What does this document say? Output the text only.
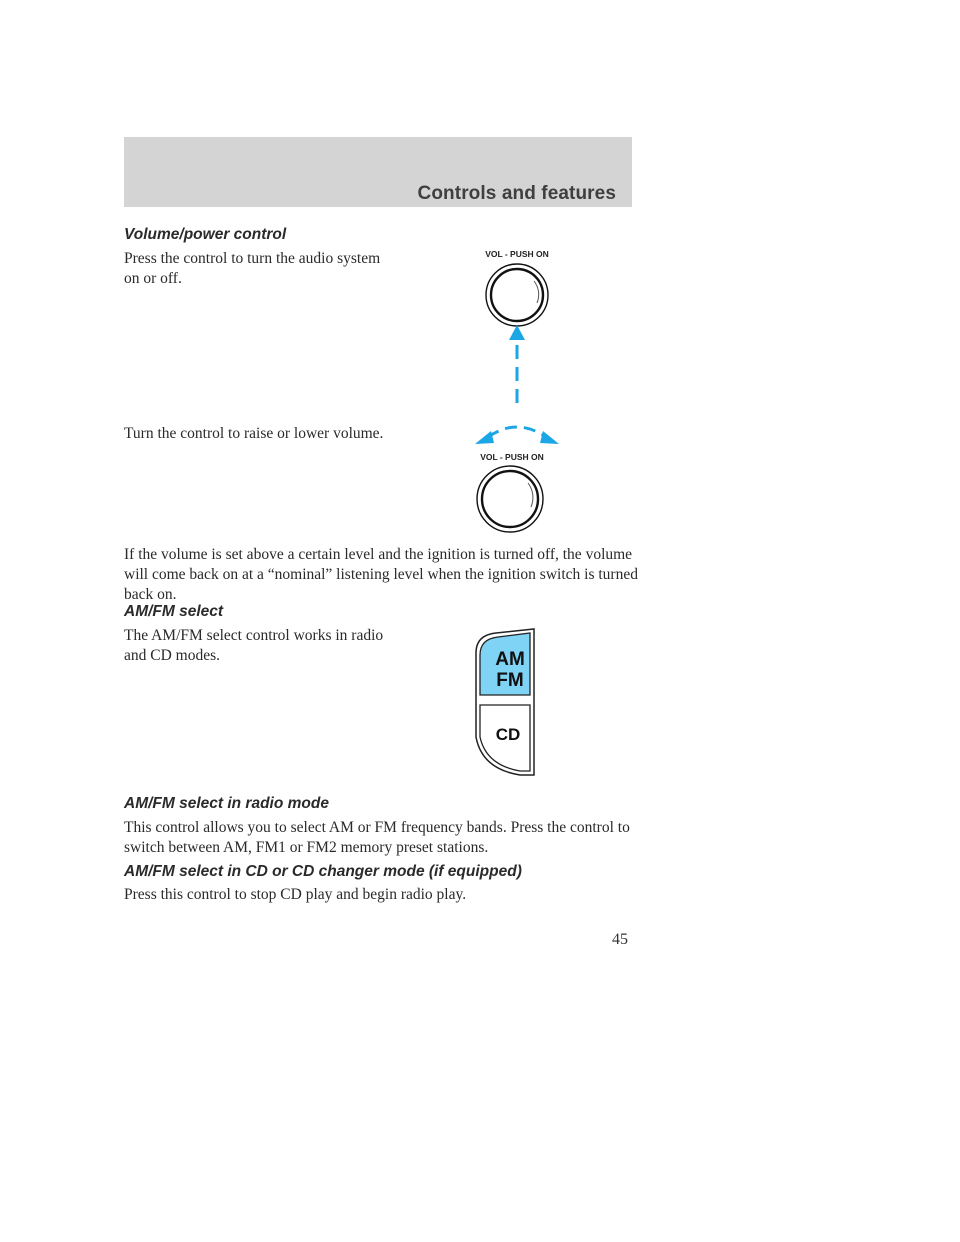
Controls and features
Volume/power control

Press the control to turn the audio system on or off.

Turn the control to raise or lower volume.

VOL - PUSH ON
VOL - PUSH ON

If the volume is set above a certain level and the ignition is turned off, the volume will come back on at a “nominal” listening level when the ignition switch is turned back on.

AM/FM select

The AM/FM select control works in radio and CD modes.	AM
FM
CD
AM/FM select in radio mode

This control allows you to select AM or FM frequency bands. Press the control to switch between AM, FM1 or FM2 memory preset stations.

AM/FM select in CD or CD changer mode (if equipped)

Press this control to stop CD play and begin radio play.

45
